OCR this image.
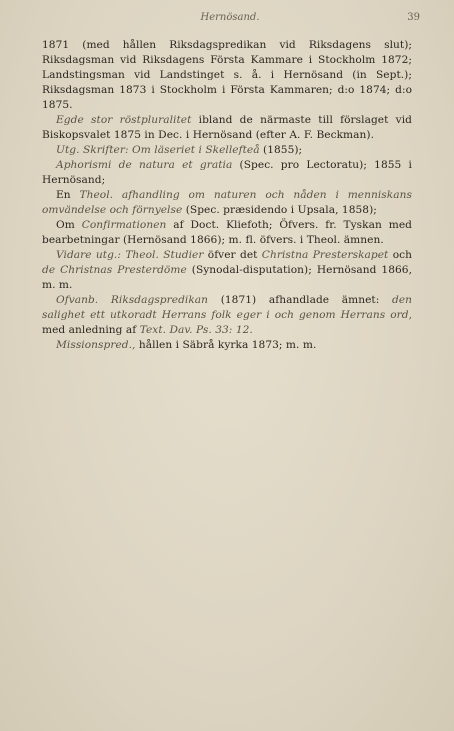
Hernösand.	39

1871 (med hållen Riksdagspredikan vid Riksdagens slut); Riksdagsman vid Riksdagens Första Kammare i Stockholm 1872; Landstingsman vid Landstinget s. å. i Hernösand (in Sept.); Riksdagsman 1873 i Stockholm i Första Kammaren; d:o 1874; d:o 1875.

Egde stor röstpluralitet ibland de närmaste till förslaget vid Biskopsvalet 1875 in Dec. i Hernösand (efter A. F. Beckman).

Utg. Skrifter: Om läseriet i Skellefteå (1855);

Aphorismi de natura et gratia (Spec. pro Lectoratu); 1855 i Hernösand;

En Theol. afhandling om naturen och nåden i menniskans omvändelse och förnyelse (Spec. præsidendo i Upsala, 1858);

Om Confirmationen af Doct. Kliefoth; Öfvers. fr. Tyskan med bearbetningar (Hernösand 1866); m. fl. öfvers. i Theol. ämnen.

Vidare utg.: Theol. Studier öfver det Christna Presterskapet och de Christnas Presterdöme (Synodal-disputation); Hernösand 1866, m. m.

Ofvanb. Riksdagspredikan (1871) afhandlade ämnet: den salighet ett utkoradt Herrans folk eger i och genom Herrans ord, med anledning af Text. Dav. Ps. 33: 12.

Missionspred., hållen i Säbrå kyrka 1873; m. m.
